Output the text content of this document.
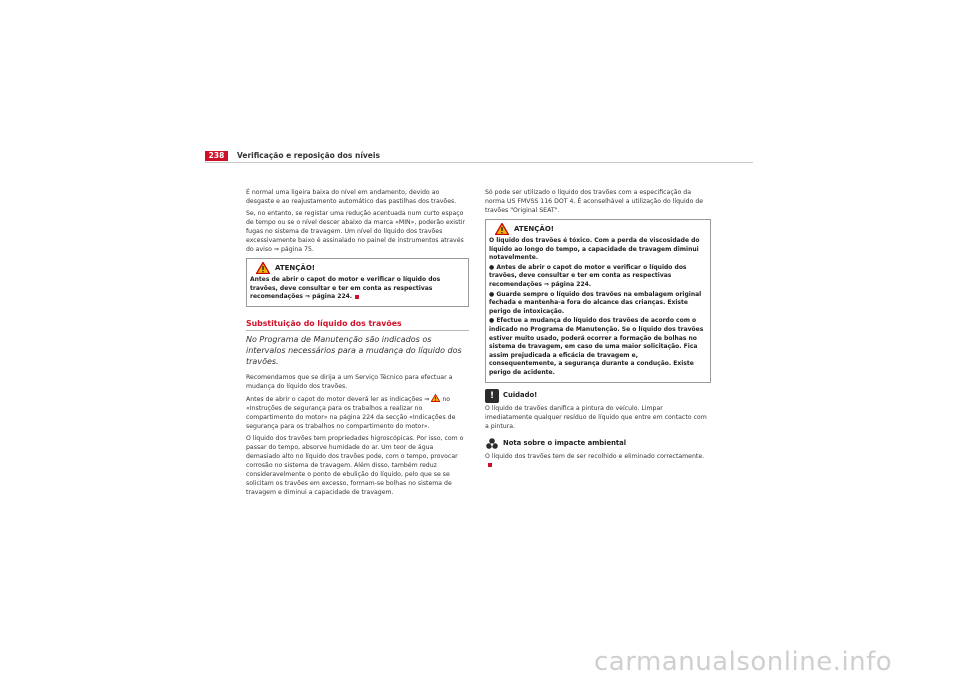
238	Verificação e reposição dos níveis

É normal uma ligeira baixa do nível em andamento, devido ao desgaste e ao reajustamento automático das pastilhas dos travões.

Se, no entanto, se registar uma redução acentuada num curto espaço de tempo ou se o nível descer abaixo da marca «MIN», poderão existir fugas no sistema de travagem. Um nível do líquido dos travões excessivamente baixo é assinalado no painel de instrumentos através do aviso ⇒ página 75.

ATENÇÃO!

Antes de abrir o capot do motor e verificar o líquido dos travões, deve consultar e ter em conta as respectivas recomendações ⇒ página 224.

Substituição do líquido dos travões
No Programa de Manutenção são indicados os intervalos necessários para a mudança do líquido dos travões.

Recomendamos que se dirija a um Serviço Técnico para efectuar a mudança do líquido dos travões.

Antes de abrir o capot do motor deverá ler as indicações ⇒ no «Instruções de segurança para os trabalhos a realizar no compartimento do motor» na página 224 da secção «Indicações de segurança para os trabalhos no compartimento do motor».

O líquido dos travões tem propriedades higroscópicas. Por isso, com o passar do tempo, absorve humidade do ar. Um teor de água demasiado alto no líquido dos travões pode, com o tempo, provocar corrosão no sistema de travagem. Além disso, também reduz consideravelmente o ponto de ebulição do líquido, pelo que se se solicitam os travões em excesso, formam-se bolhas no sistema de travagem e diminui a capacidade de travagem.

Só pode ser utilizado o líquido dos travões com a especificação da norma US FMVSS 116 DOT 4. É aconselhável a utilização do líquido de travões "Original SEAT".

ATENÇÃO!

O líquido dos travões é tóxico. Com a perda de viscosidade do líquido ao longo do tempo, a capacidade de travagem diminui notavelmente.

● Antes de abrir o capot do motor e verificar o líquido dos travões, deve consultar e ter em conta as respectivas recomendações ⇒ página 224.

● Guarde sempre o líquido dos travões na embalagem original fechada e mantenha-a fora do alcance das crianças. Existe perigo de intoxicação.

● Efectue a mudança do líquido dos travões de acordo com o indicado no Programa de Manutenção. Se o líquido dos travões estiver muito usado, poderá ocorrer a formação de bolhas no sistema de travagem, em caso de uma maior solicitação. Fica assim prejudicada a eficácia de travagem e, consequentemente, a segurança durante a condução. Existe perigo de acidente.

!	Cuidado!

O líquido de travões danifica a pintura do veículo. Limpar imediatamente qualquer resíduo de líquido que entre em contacto com a pintura.

Nota sobre o impacte ambiental

O líquido dos travões tem de ser recolhido e eliminado correctamente.

carmanualsonline.info
